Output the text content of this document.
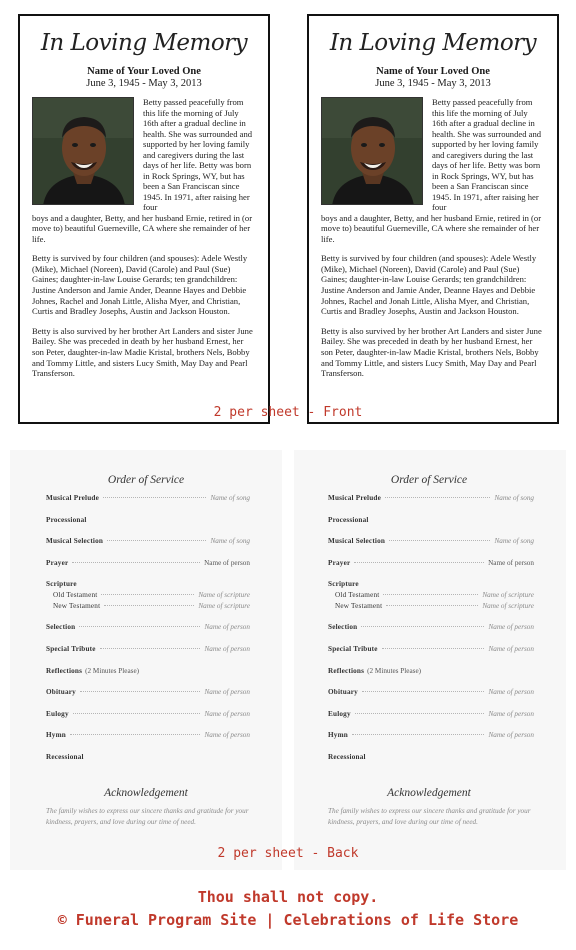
In Loving Memory
Name of Your Loved One
June 3, 1945 - May 3, 2013
Betty passed peacefully from this life the morning of July 16th after a gradual decline in health. She was surrounded and supported by her loving family and caregivers during the last days of her life. Betty was born in Rock Springs, WY, but has been a San Franciscan since 1945. In 1971, after raising her four
boys and a daughter, Betty, and her husband Ernie, retired in (or move to) beautiful Guerneville, CA where she remainder of her life.
Betty is survived by four children (and spouses): Adele Westly (Mike), Michael (Noreen), David (Carole) and Paul (Sue) Gaines; daughter-in-law Louise Gerards; ten grandchildren: Justine Anderson and Jamie Ander, Deanne Hayes and Debbie Johnes, Rachel and Jonah Little, Alisha Myer, and Christian, Curtis and Bradley Josephs, Austin and Jackson Houston.
Betty is also survived by her brother Art Landers and sister June Bailey. She was preceded in death by her husband Ernest, her son Peter, daughter-in-law Madie Kristal, brothers Nels, Bobby and Tommy Little, and sisters Lucy Smith, May Day and Pearl Transferson.
In Loving Memory
Name of Your Loved One
June 3, 1945 - May 3, 2013
Betty passed peacefully from this life the morning of July 16th after a gradual decline in health. She was surrounded and supported by her loving family and caregivers during the last days of her life. Betty was born in Rock Springs, WY, but has been a San Franciscan since 1945. In 1971, after raising her four
boys and a daughter, Betty, and her husband Ernie, retired in (or move to) beautiful Guerneville, CA where she remainder of her life.
Betty is survived by four children (and spouses): Adele Westly (Mike), Michael (Noreen), David (Carole) and Paul (Sue) Gaines; daughter-in-law Louise Gerards; ten grandchildren: Justine Anderson and Jamie Ander, Deanne Hayes and Debbie Johnes, Rachel and Jonah Little, Alisha Myer, and Christian, Curtis and Bradley Josephs, Austin and Jackson Houston.
Betty is also survived by her brother Art Landers and sister June Bailey. She was preceded in death by her husband Ernest, her son Peter, daughter-in-law Madie Kristal, brothers Nels, Bobby and Tommy Little, and sisters Lucy Smith, May Day and Pearl Transferson.
2 per sheet - Front
Order of Service
Musical Prelude	Name of song
Processional
Musical Selection	Name of song
Prayer	Name of person
Scripture
Old Testament	Name of scripture
New Testament	Name of scripture
Selection	Name of person
Special Tribute	Name of person
Reflections (2 Minutes Please)
Obituary	Name of person
Eulogy	Name of person
Hymn	Name of person
Recessional
Acknowledgement
The family wishes to express our sincere thanks and gratitude for your kindness, prayers, and love during our time of need.
Order of Service
Musical Prelude	Name of song
Processional
Musical Selection	Name of song
Prayer	Name of person
Scripture
Old Testament	Name of scripture
New Testament	Name of scripture
Selection	Name of person
Special Tribute	Name of person
Reflections (2 Minutes Please)
Obituary	Name of person
Eulogy	Name of person
Hymn	Name of person
Recessional
Acknowledgement
The family wishes to express our sincere thanks and gratitude for your kindness, prayers, and love during our time of need.
2 per sheet - Back
Thou shall not copy.
© Funeral Program Site | Celebrations of Life Store
